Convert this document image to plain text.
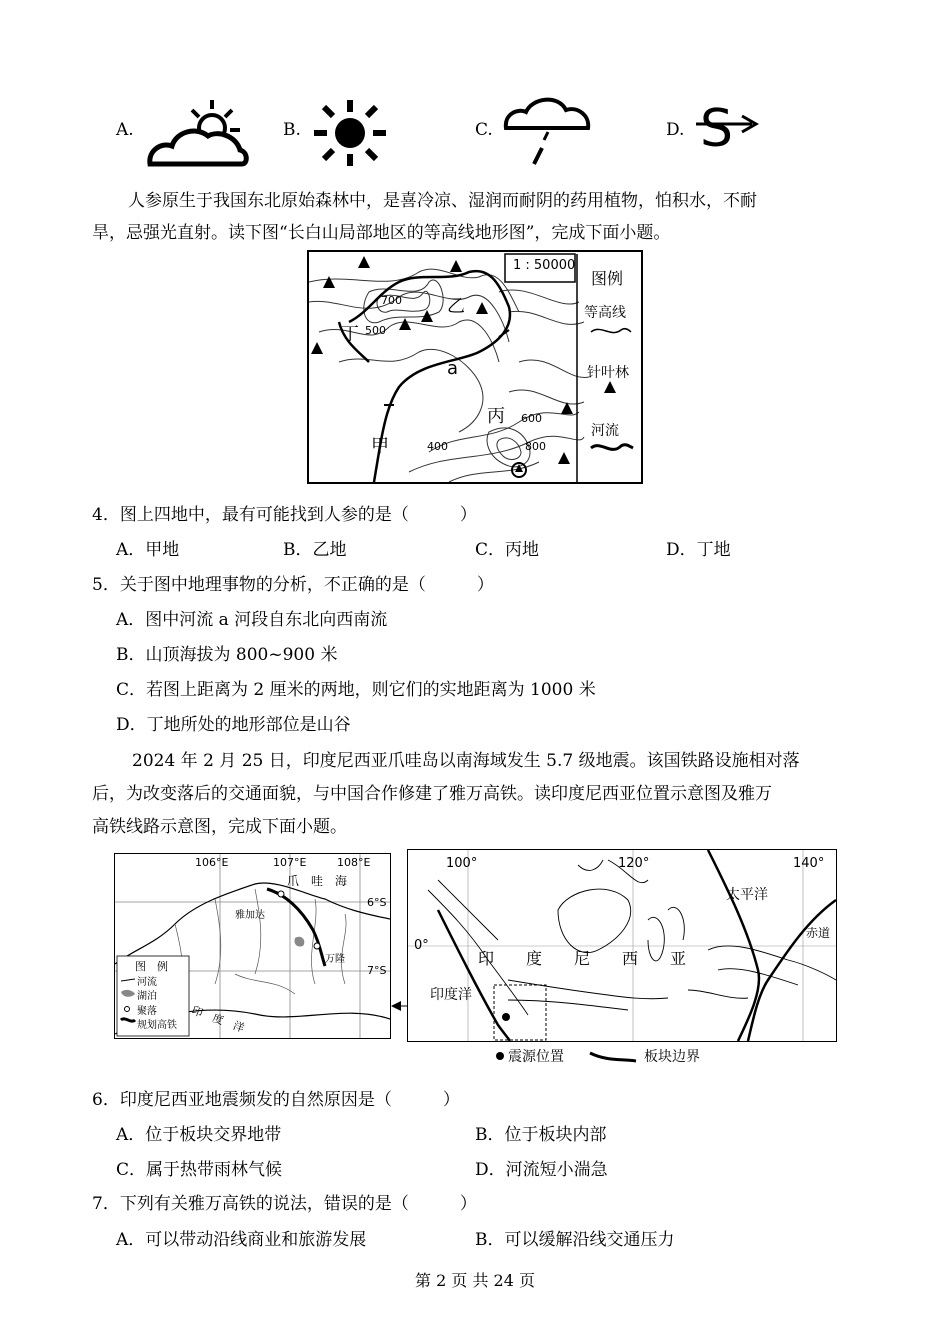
A.	B.	C.	D. S
人参原生于我国东北原始森林中，是喜冷凉、湿润而耐阴的药用植物，怕积水，不耐
旱，忌强光直射。读下图“长白山局部地区的等高线地形图”，完成下面小题。
1 : 50000
图例
等高线
针叶林
河流
乙
丁
a
丙
甲
700
500
600
400	800
4．图上四地中，最有可能找到人参的是（　　　）
A．甲地	B．乙地	C．丙地	D．丁地
5．关于图中地理事物的分析，不正确的是（　　　）
A．图中河流 a 河段自东北向西南流
B．山顶海拔为 800~900 米
C．若图上距离为 2 厘米的两地，则它们的实地距离为 1000 米
D．丁地所处的地形部位是山谷
2024 年 2 月 25 日，印度尼西亚爪哇岛以南海域发生 5.7 级地震。该国铁路设施相对落
后，为改变落后的交通面貌，与中国合作修建了雅万高铁。读印度尼西亚位置示意图及雅万
高铁线路示意图，完成下面小题。
106°E	107°E	108°E
6°S
7°S
爪　哇　海
雅加达
万隆
印　度　洋
图　例
河流
湖泊
聚落
规划高铁
100°	120°	140°
0°
太平洋
赤道
印　　度　　尼　　西　　亚
印度洋
震源位置	板块边界
6．印度尼西亚地震频发的自然原因是（　　　）
A．位于板块交界地带	B．位于板块内部
C．属于热带雨林气候	D．河流短小湍急
7．下列有关雅万高铁的说法，错误的是（　　　）
A．可以带动沿线商业和旅游发展	B．可以缓解沿线交通压力
第 2 页 共 24 页
